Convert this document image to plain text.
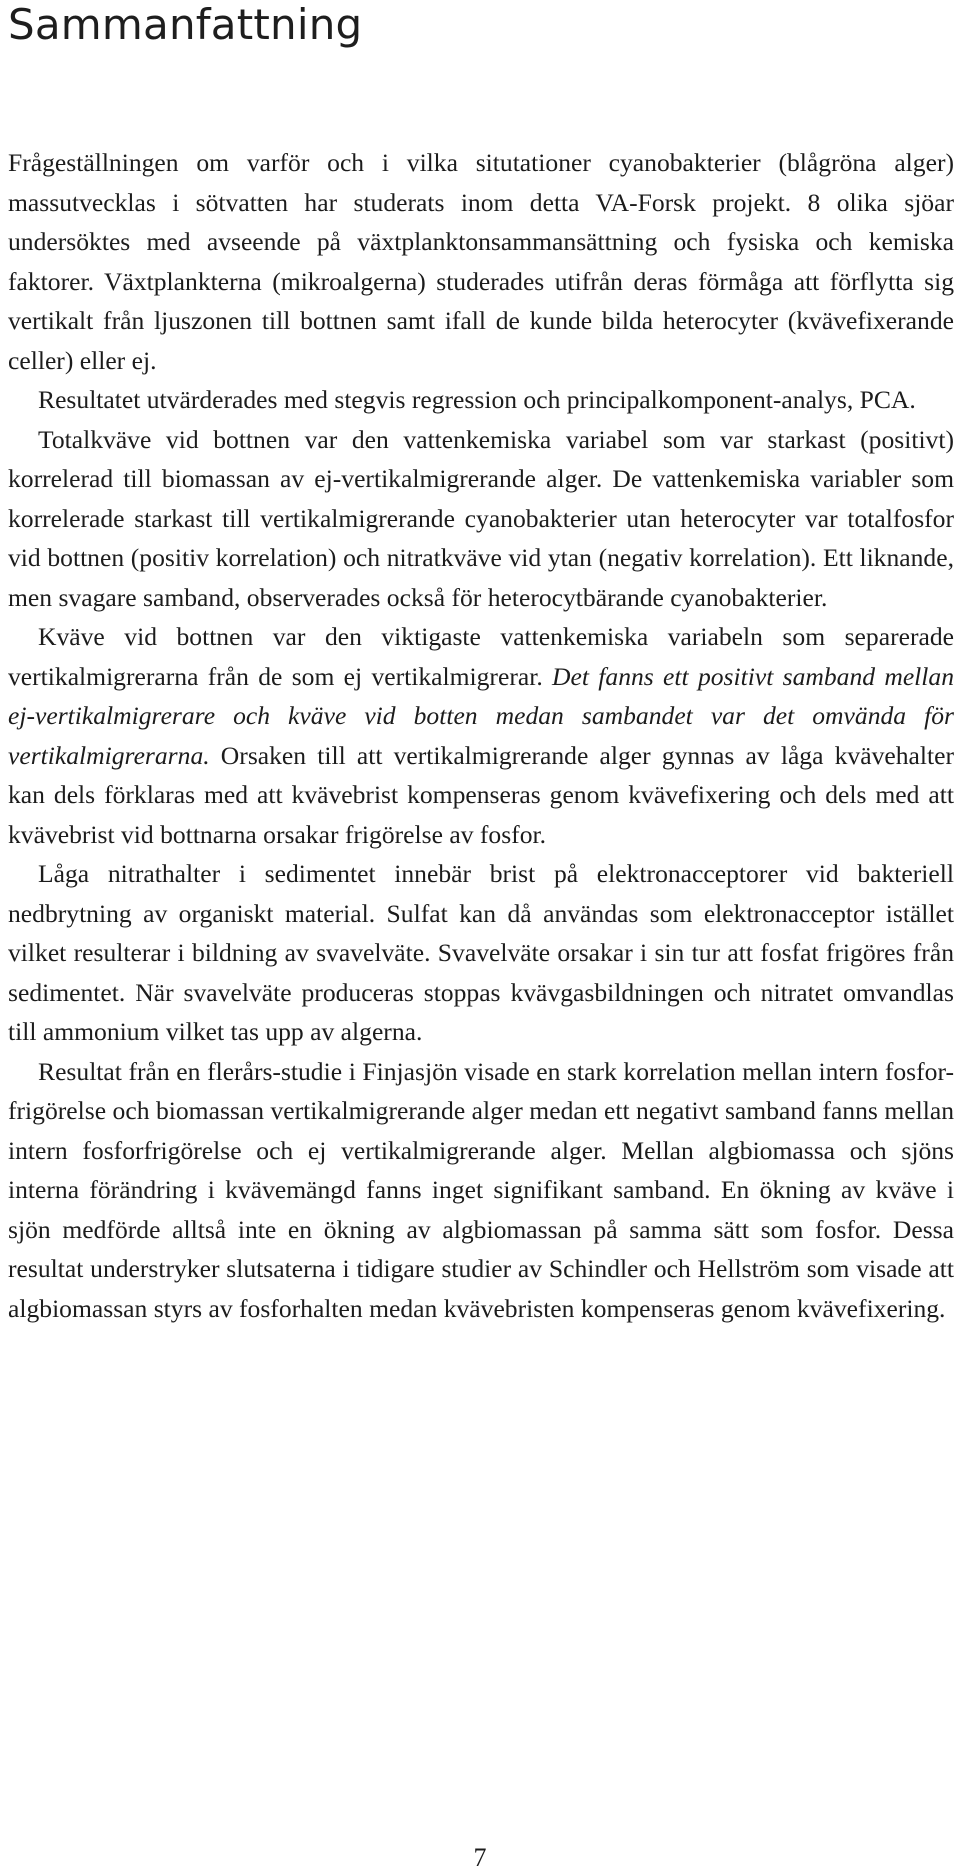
Sammanfattning

Frågeställningen om varför och i vilka situtationer cyanobakterier (blågröna alger) massutvecklas i sötvatten har studerats inom detta VA-Forsk projekt. 8 olika sjöar undersöktes med avseende på växtplanktonsammansättning och fysiska och kemiska faktorer. Växtplankterna (mikroalgerna) studerades utifrån deras förmåga att förflytta sig vertikalt från ljuszonen till bottnen samt ifall de kunde bilda heterocyter (kvävefixerande celler) eller ej.

Resultatet utvärderades med stegvis regression och principalkomponent-analys, PCA.

Totalkväve vid bottnen var den vattenkemiska variabel som var starkast (positivt) korrelerad till biomassan av ej-vertikalmigrerande alger. De vattenkemiska variabler som korrelerade starkast till vertikalmigrerande cyanobakterier utan heterocyter var totalfosfor vid bottnen (positiv korrelation) och nitratkväve vid ytan (negativ korrelation). Ett liknande, men svagare samband, observerades också för heterocytbärande cyanobakterier.

Kväve vid bottnen var den viktigaste vattenkemiska variabeln som separerade vertikalmigrerarna från de som ej vertikalmigrerar. Det fanns ett positivt samband mellan ej-vertikalmigrerare och kväve vid botten medan sambandet var det omvända för vertikalmigrerarna. Orsaken till att vertikalmigrerande alger gynnas av låga kvävehalter kan dels förklaras med att kvävebrist kompenseras genom kvävefixering och dels med att kvävebrist vid bottnarna orsakar frigörelse av fosfor.

Låga nitrathalter i sedimentet innebär brist på elektronacceptorer vid bakteriell nedbrytning av organiskt material. Sulfat kan då användas som elektronacceptor istället vilket resulterar i bildning av svavelväte. Svavelväte orsakar i sin tur att fosfat frigöres från sedimentet. När svavelväte produceras stoppas kvävgasbildningen och nitratet omvandlas till ammonium vilket tas upp av algerna.

Resultat från en flerårs-studie i Finjasjön visade en stark korrelation mellan intern fosfor-frigörelse och biomassan vertikalmigrerande alger medan ett negativt samband fanns mellan intern fosforfrigörelse och ej vertikalmigrerande alger. Mellan algbiomassa och sjöns interna förändring i kvävemängd fanns inget signifikant samband. En ökning av kväve i sjön medförde alltså inte en ökning av algbiomassan på samma sätt som fosfor. Dessa resultat understryker slutsaterna i tidigare studier av Schindler och Hellström som visade att algbiomassan styrs av fosforhalten medan kvävebristen kompenseras genom kvävefixering.

7
